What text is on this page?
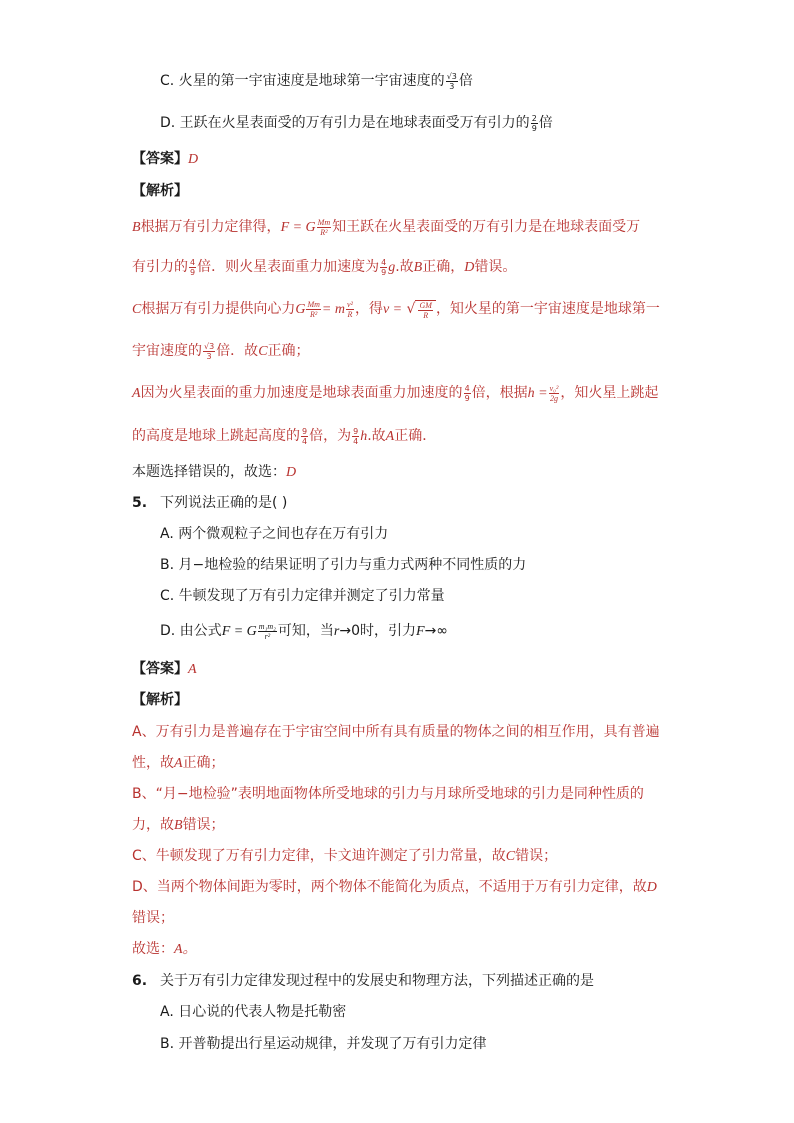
C. 火星的第一宇宙速度是地球第一宇宙速度的 $\frac{√3}{3}$ 倍
D. 王跃在火星表面受的万有引力是在地球表面受万有引力的 $\frac{2}{9}$ 倍
【答案】D
【解析】
B根据万有引力定律得，F = G $\frac{Mm}{\text{R²}}$ 知王跃在火星表面受的万有引力是在地球表面受万
有引力的 $\frac{4}{9}$ 倍．则火星表面重力加速度为 $\frac{4}{9} g$.故B正确，D错误。
C根据万有引力提供向心力G $\frac{Mm}{\text{R²}} = m \frac{\text{v²}}{R}$ ，得v = √ $\frac{GM}{R}$ ，知火星的第一宇宙速度是地球第一
宇宙速度的 $\frac{√3}{3}$ 倍．故C正确；
A因为火星表面的重力加速度是地球表面重力加速度的 $\frac{4}{9}$ 倍，根据$h = \frac{\text{v₀²}}{2g}$ ，知火星上跳起
的高度是地球上跳起高度的 $\frac{9}{4}$ 倍，为 $\frac{9}{4} h$.故A正确．
本题选择错误的，故选：D
5. 下列说法正确的是( )
A. 两个微观粒子之间也存在万有引力
B. 月−地检验的结果证明了引力与重力式两种不同性质的力
C. 牛顿发现了万有引力定律并测定了引力常量
D. 由公式F = G $\frac{\text{m₁m₂}}{\text{r²}}$ 可知，当r→0时，引力F→∞
【答案】A
【解析】
A、万有引力是普遍存在于宇宙空间中所有具有质量的物体之间的相互作用，具有普遍
性，故A正确；
B、“月−地检验”表明地面物体所受地球的引力与月球所受地球的引力是同种性质的
力，故B错误；
C、牛顿发现了万有引力定律，卡文迪许测定了引力常量，故C错误；
D、当两个物体间距为零时，两个物体不能简化为质点，不适用于万有引力定律，故D
错误；
故选：A。
6. 关于万有引力定律发现过程中的发展史和物理方法，下列描述正确的是
A. 日心说的代表人物是托勒密
B. 开普勒提出行星运动规律，并发现了万有引力定律
